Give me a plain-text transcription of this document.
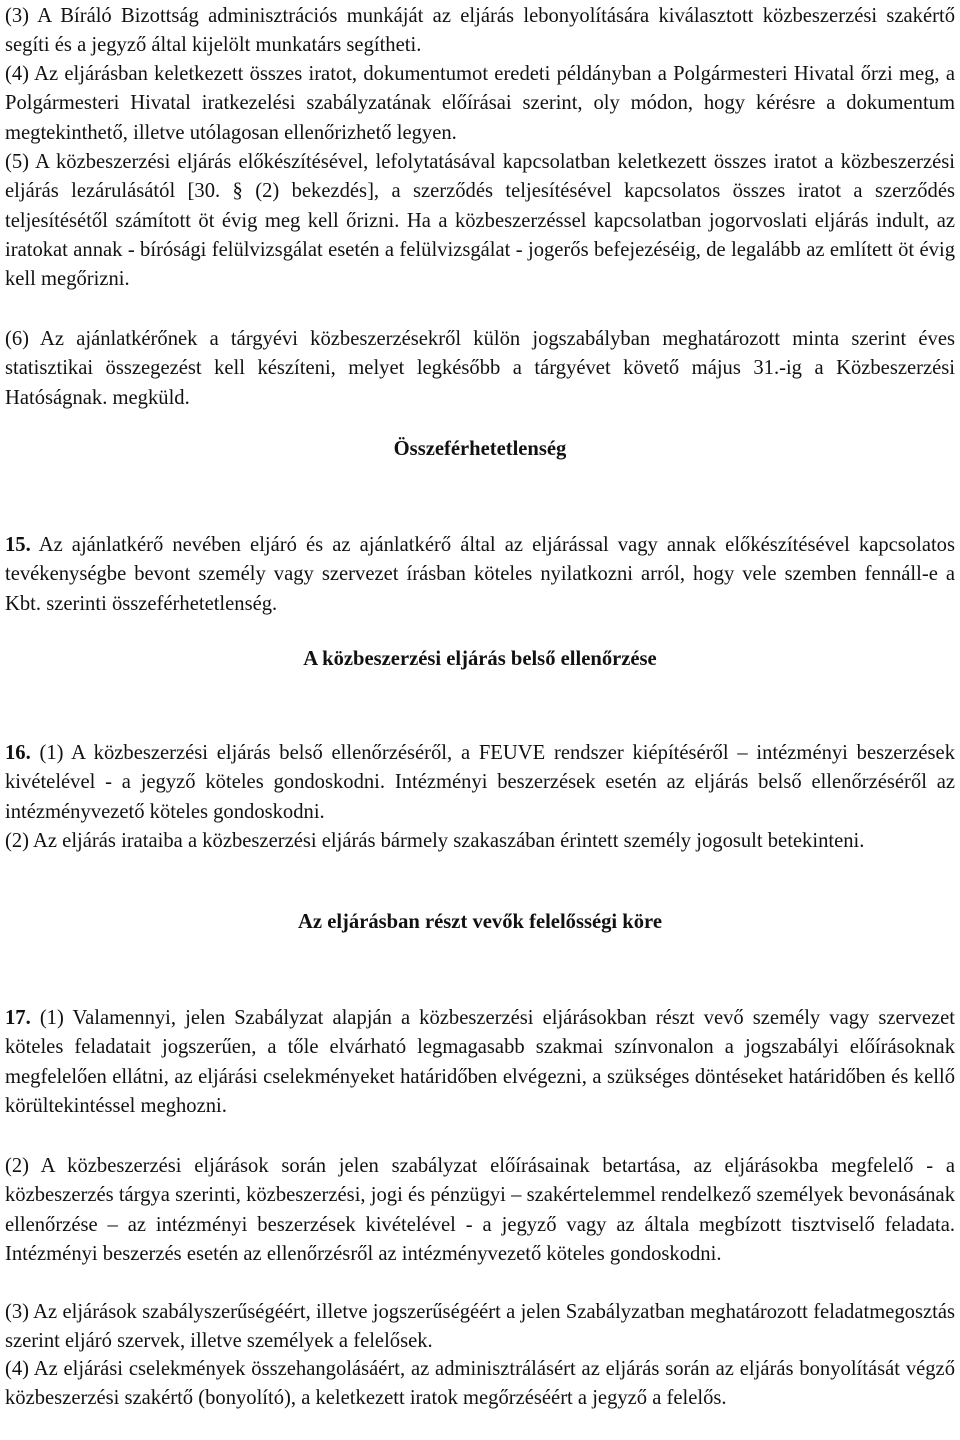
(3) A Bíráló Bizottság adminisztrációs munkáját az eljárás lebonyolítására kiválasztott közbeszerzési szakértő segíti és a jegyző által kijelölt munkatárs segítheti.

(4) Az eljárásban keletkezett összes iratot, dokumentumot eredeti példányban a Polgármesteri Hivatal őrzi meg, a Polgármesteri Hivatal iratkezelési szabályzatának előírásai szerint, oly módon, hogy kérésre a dokumentum megtekinthető, illetve utólagosan ellenőrizhető legyen.

(5) A közbeszerzési eljárás előkészítésével, lefolytatásával kapcsolatban keletkezett összes iratot a közbeszerzési eljárás lezárulásától [30. § (2) bekezdés], a szerződés teljesítésével kapcsolatos összes iratot a szerződés teljesítésétől számított öt évig meg kell őrizni. Ha a közbeszerzéssel kapcsolatban jogorvoslati eljárás indult, az iratokat annak - bírósági felülvizsgálat esetén a felülvizsgálat - jogerős befejezéséig, de legalább az említett öt évig kell megőrizni.

(6) Az ajánlatkérőnek a tárgyévi közbeszerzésekről külön jogszabályban meghatározott minta szerint éves statisztikai összegezést kell készíteni, melyet legkésőbb a tárgyévet követő május 31.-ig a Közbeszerzési Hatóságnak. megküld.

Összeférhetetlenség

15. Az ajánlatkérő nevében eljáró és az ajánlatkérő által az eljárással vagy annak előkészítésével kapcsolatos tevékenységbe bevont személy vagy szervezet írásban köteles nyilatkozni arról, hogy vele szemben fennáll-e a Kbt. szerinti összeférhetetlenség.

A közbeszerzési eljárás belső ellenőrzése

16. (1) A közbeszerzési eljárás belső ellenőrzéséről, a FEUVE rendszer kiépítéséről – intézményi beszerzések kivételével - a jegyző köteles gondoskodni. Intézményi beszerzések esetén az eljárás belső ellenőrzéséről az intézményvezető köteles gondoskodni.

(2) Az eljárás irataiba a közbeszerzési eljárás bármely szakaszában érintett személy jogosult betekinteni.

Az eljárásban részt vevők felelősségi köre

17. (1) Valamennyi, jelen Szabályzat alapján a közbeszerzési eljárásokban részt vevő személy vagy szervezet köteles feladatait jogszerűen, a tőle elvárható legmagasabb szakmai színvonalon a jogszabályi előírásoknak megfelelően ellátni, az eljárási cselekményeket határidőben elvégezni, a szükséges döntéseket határidőben és kellő körültekintéssel meghozni.

(2) A közbeszerzési eljárások során jelen szabályzat előírásainak betartása, az eljárásokba megfelelő - a közbeszerzés tárgya szerinti, közbeszerzési, jogi és pénzügyi – szakértelemmel rendelkező személyek bevonásának ellenőrzése – az intézményi beszerzések kivételével - a jegyző vagy az általa megbízott tisztviselő feladata. Intézményi beszerzés esetén az ellenőrzésről az intézményvezető köteles gondoskodni.

(3) Az eljárások szabályszerűségéért, illetve jogszerűségéért a jelen Szabályzatban meghatározott feladatmegosztás szerint eljáró szervek, illetve személyek a felelősek.

(4) Az eljárási cselekmények összehangolásáért, az adminisztrálásért az eljárás során az eljárás bonyolítását végző közbeszerzési szakértő (bonyolító), a keletkezett iratok megőrzéséért a jegyző a felelős.
